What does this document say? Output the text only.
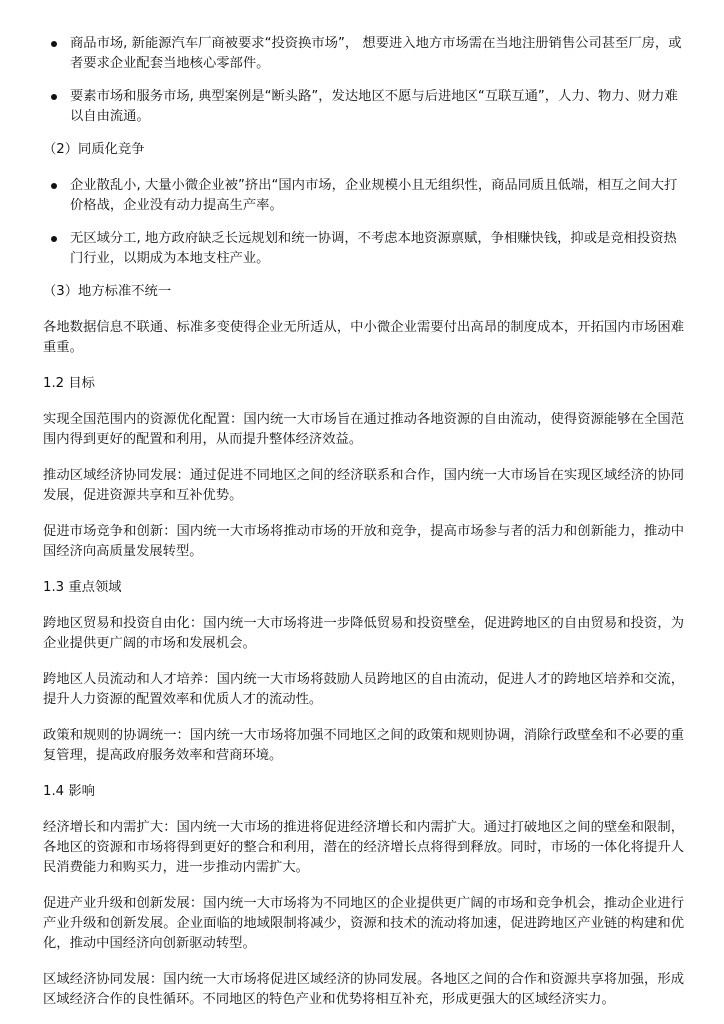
商品市场, 新能源汽车厂商被要求“投资换市场”， 想要进入地方市场需在当地注册销售公司甚至厂房，或者要求企业配套当地核心零部件。
要素市场和服务市场, 典型案例是“断头路”，发达地区不愿与后进地区“互联互通”，人力、物力、财力难以自由流通。
（2）同质化竞争
企业散乱小, 大量小微企业被”挤出“国内市场，企业规模小且无组织性，商品同质且低端，相互之间大打价格战，企业没有动力提高生产率。
无区域分工, 地方政府缺乏长远规划和统一协调，不考虑本地资源禀赋，争相赚快钱，抑或是竞相投资热门行业，以期成为本地支柱产业。
（3）地方标准不统一

各地数据信息不联通、标准多变使得企业无所适从，中小微企业需要付出高昂的制度成本，开拓国内市场困难重重。

1.2 目标

实现全国范围内的资源优化配置：国内统一大市场旨在通过推动各地资源的自由流动，使得资源能够在全国范围内得到更好的配置和利用，从而提升整体经济效益。

推动区域经济协同发展：通过促进不同地区之间的经济联系和合作，国内统一大市场旨在实现区域经济的协同发展，促进资源共享和互补优势。

促进市场竞争和创新：国内统一大市场将推动市场的开放和竞争，提高市场参与者的活力和创新能力，推动中国经济向高质量发展转型。

1.3 重点领域

跨地区贸易和投资自由化：国内统一大市场将进一步降低贸易和投资壁垒，促进跨地区的自由贸易和投资，为企业提供更广阔的市场和发展机会。

跨地区人员流动和人才培养：国内统一大市场将鼓励人员跨地区的自由流动，促进人才的跨地区培养和交流，提升人力资源的配置效率和优质人才的流动性。

政策和规则的协调统一：国内统一大市场将加强不同地区之间的政策和规则协调，消除行政壁垒和不必要的重复管理，提高政府服务效率和营商环境。

1.4 影响

经济增长和内需扩大：国内统一大市场的推进将促进经济增长和内需扩大。通过打破地区之间的壁垒和限制，各地区的资源和市场将得到更好的整合和利用，潜在的经济增长点将得到释放。同时，市场的一体化将提升人民消费能力和购买力，进一步推动内需扩大。

促进产业升级和创新发展：国内统一大市场将为不同地区的企业提供更广阔的市场和竞争机会，推动企业进行产业升级和创新发展。企业面临的地域限制将减少，资源和技术的流动将加速，促进跨地区产业链的构建和优化，推动中国经济向创新驱动转型。

区域经济协同发展：国内统一大市场将促进区域经济的协同发展。各地区之间的合作和资源共享将加强，形成区域经济合作的良性循环。不同地区的特色产业和优势将相互补充，形成更强大的区域经济实力。
